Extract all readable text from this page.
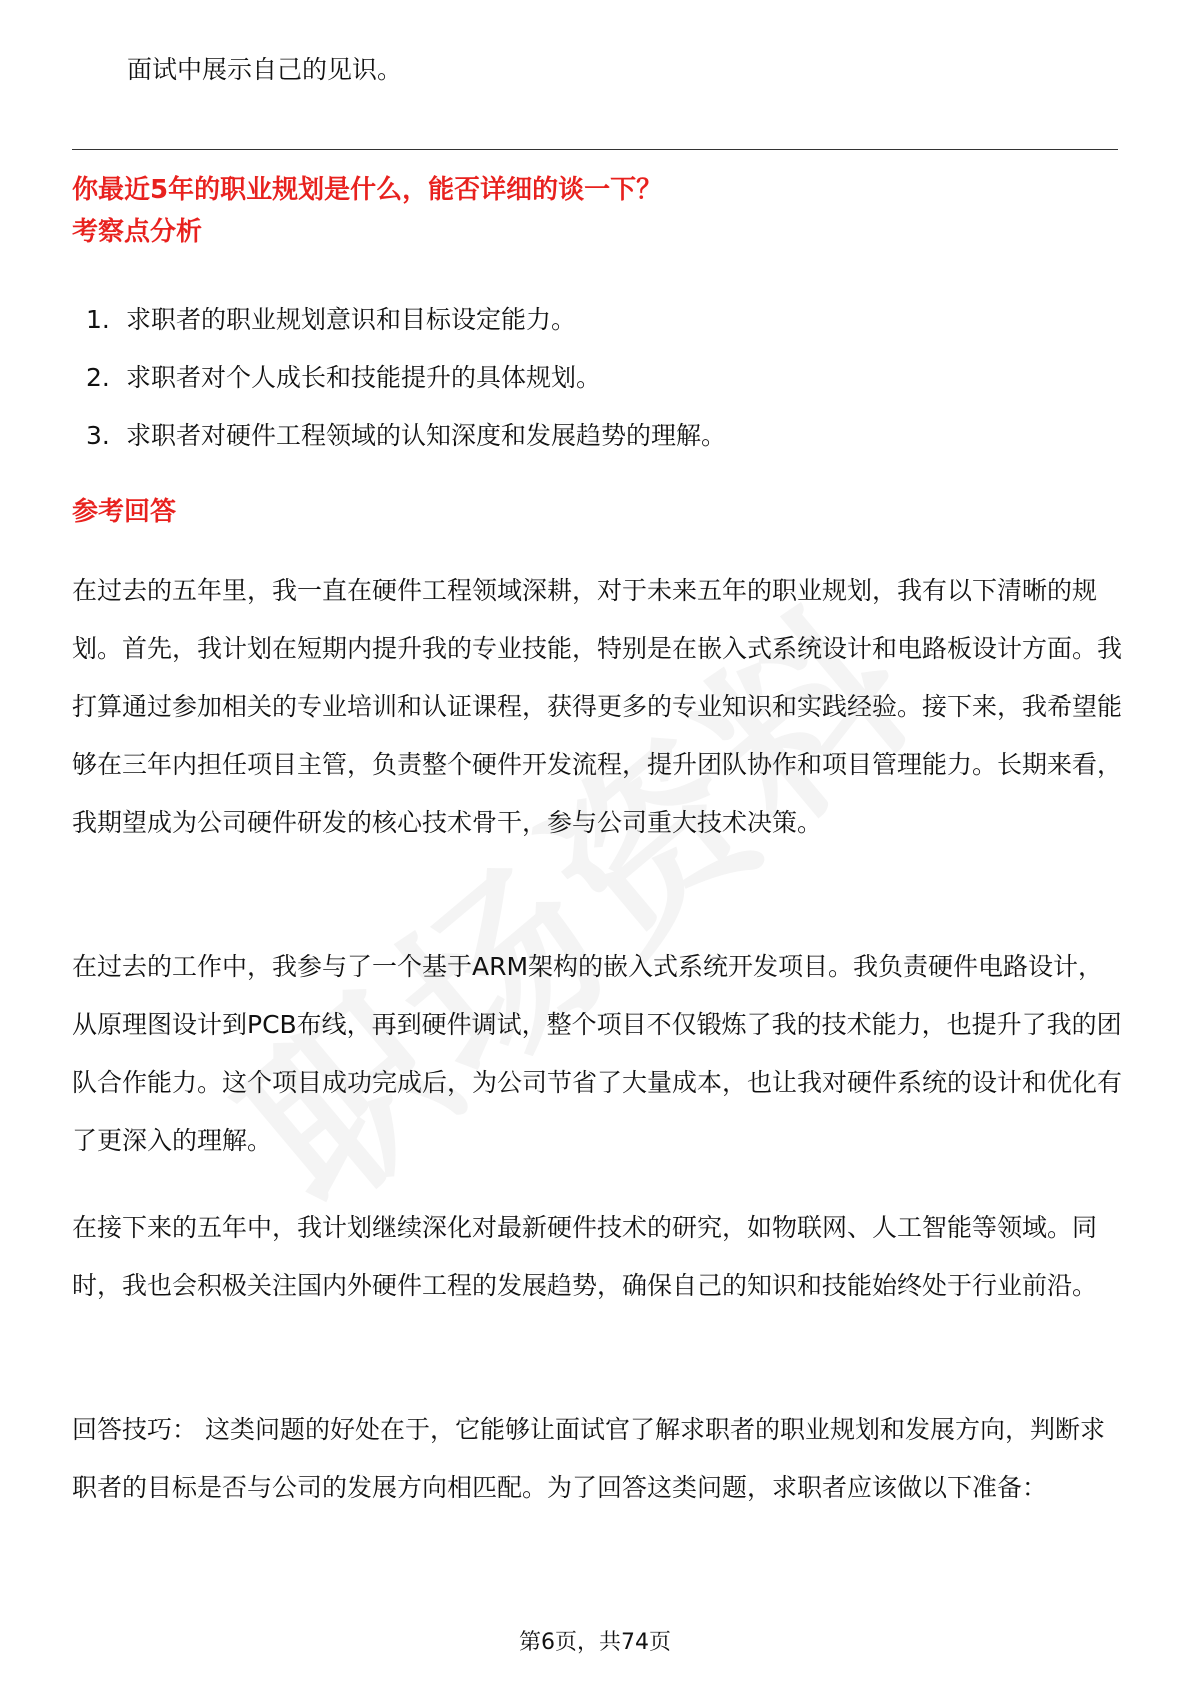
面试中展示自己的见识。
你最近5年的职业规划是什么，能否详细的谈一下？
考察点分析
1. 求职者的职业规划意识和目标设定能力。
2. 求职者对个人成长和技能提升的具体规划。
3. 求职者对硬件工程领域的认知深度和发展趋势的理解。
参考回答

在过去的五年里，我一直在硬件工程领域深耕，对于未来五年的职业规划，我有以下清晰的规划。首先，我计划在短期内提升我的专业技能，特别是在嵌入式系统设计和电路板设计方面。我打算通过参加相关的专业培训和认证课程，获得更多的专业知识和实践经验。接下来，我希望能够在三年内担任项目主管，负责整个硬件开发流程，提升团队协作和项目管理能力。长期来看，我期望成为公司硬件研发的核心技术骨干，参与公司重大技术决策。

在过去的工作中，我参与了一个基于ARM架构的嵌入式系统开发项目。我负责硬件电路设计，从原理图设计到PCB布线，再到硬件调试，整个项目不仅锻炼了我的技术能力，也提升了我的团队合作能力。这个项目成功完成后，为公司节省了大量成本，也让我对硬件系统的设计和优化有了更深入的理解。

在接下来的五年中，我计划继续深化对最新硬件技术的研究，如物联网、人工智能等领域。同时，我也会积极关注国内外硬件工程的发展趋势，确保自己的知识和技能始终处于行业前沿。

回答技巧： 这类问题的好处在于，它能够让面试官了解求职者的职业规划和发展方向，判断求职者的目标是否与公司的发展方向相匹配。为了回答这类问题，求职者应该做以下准备：

第6页，共74页
